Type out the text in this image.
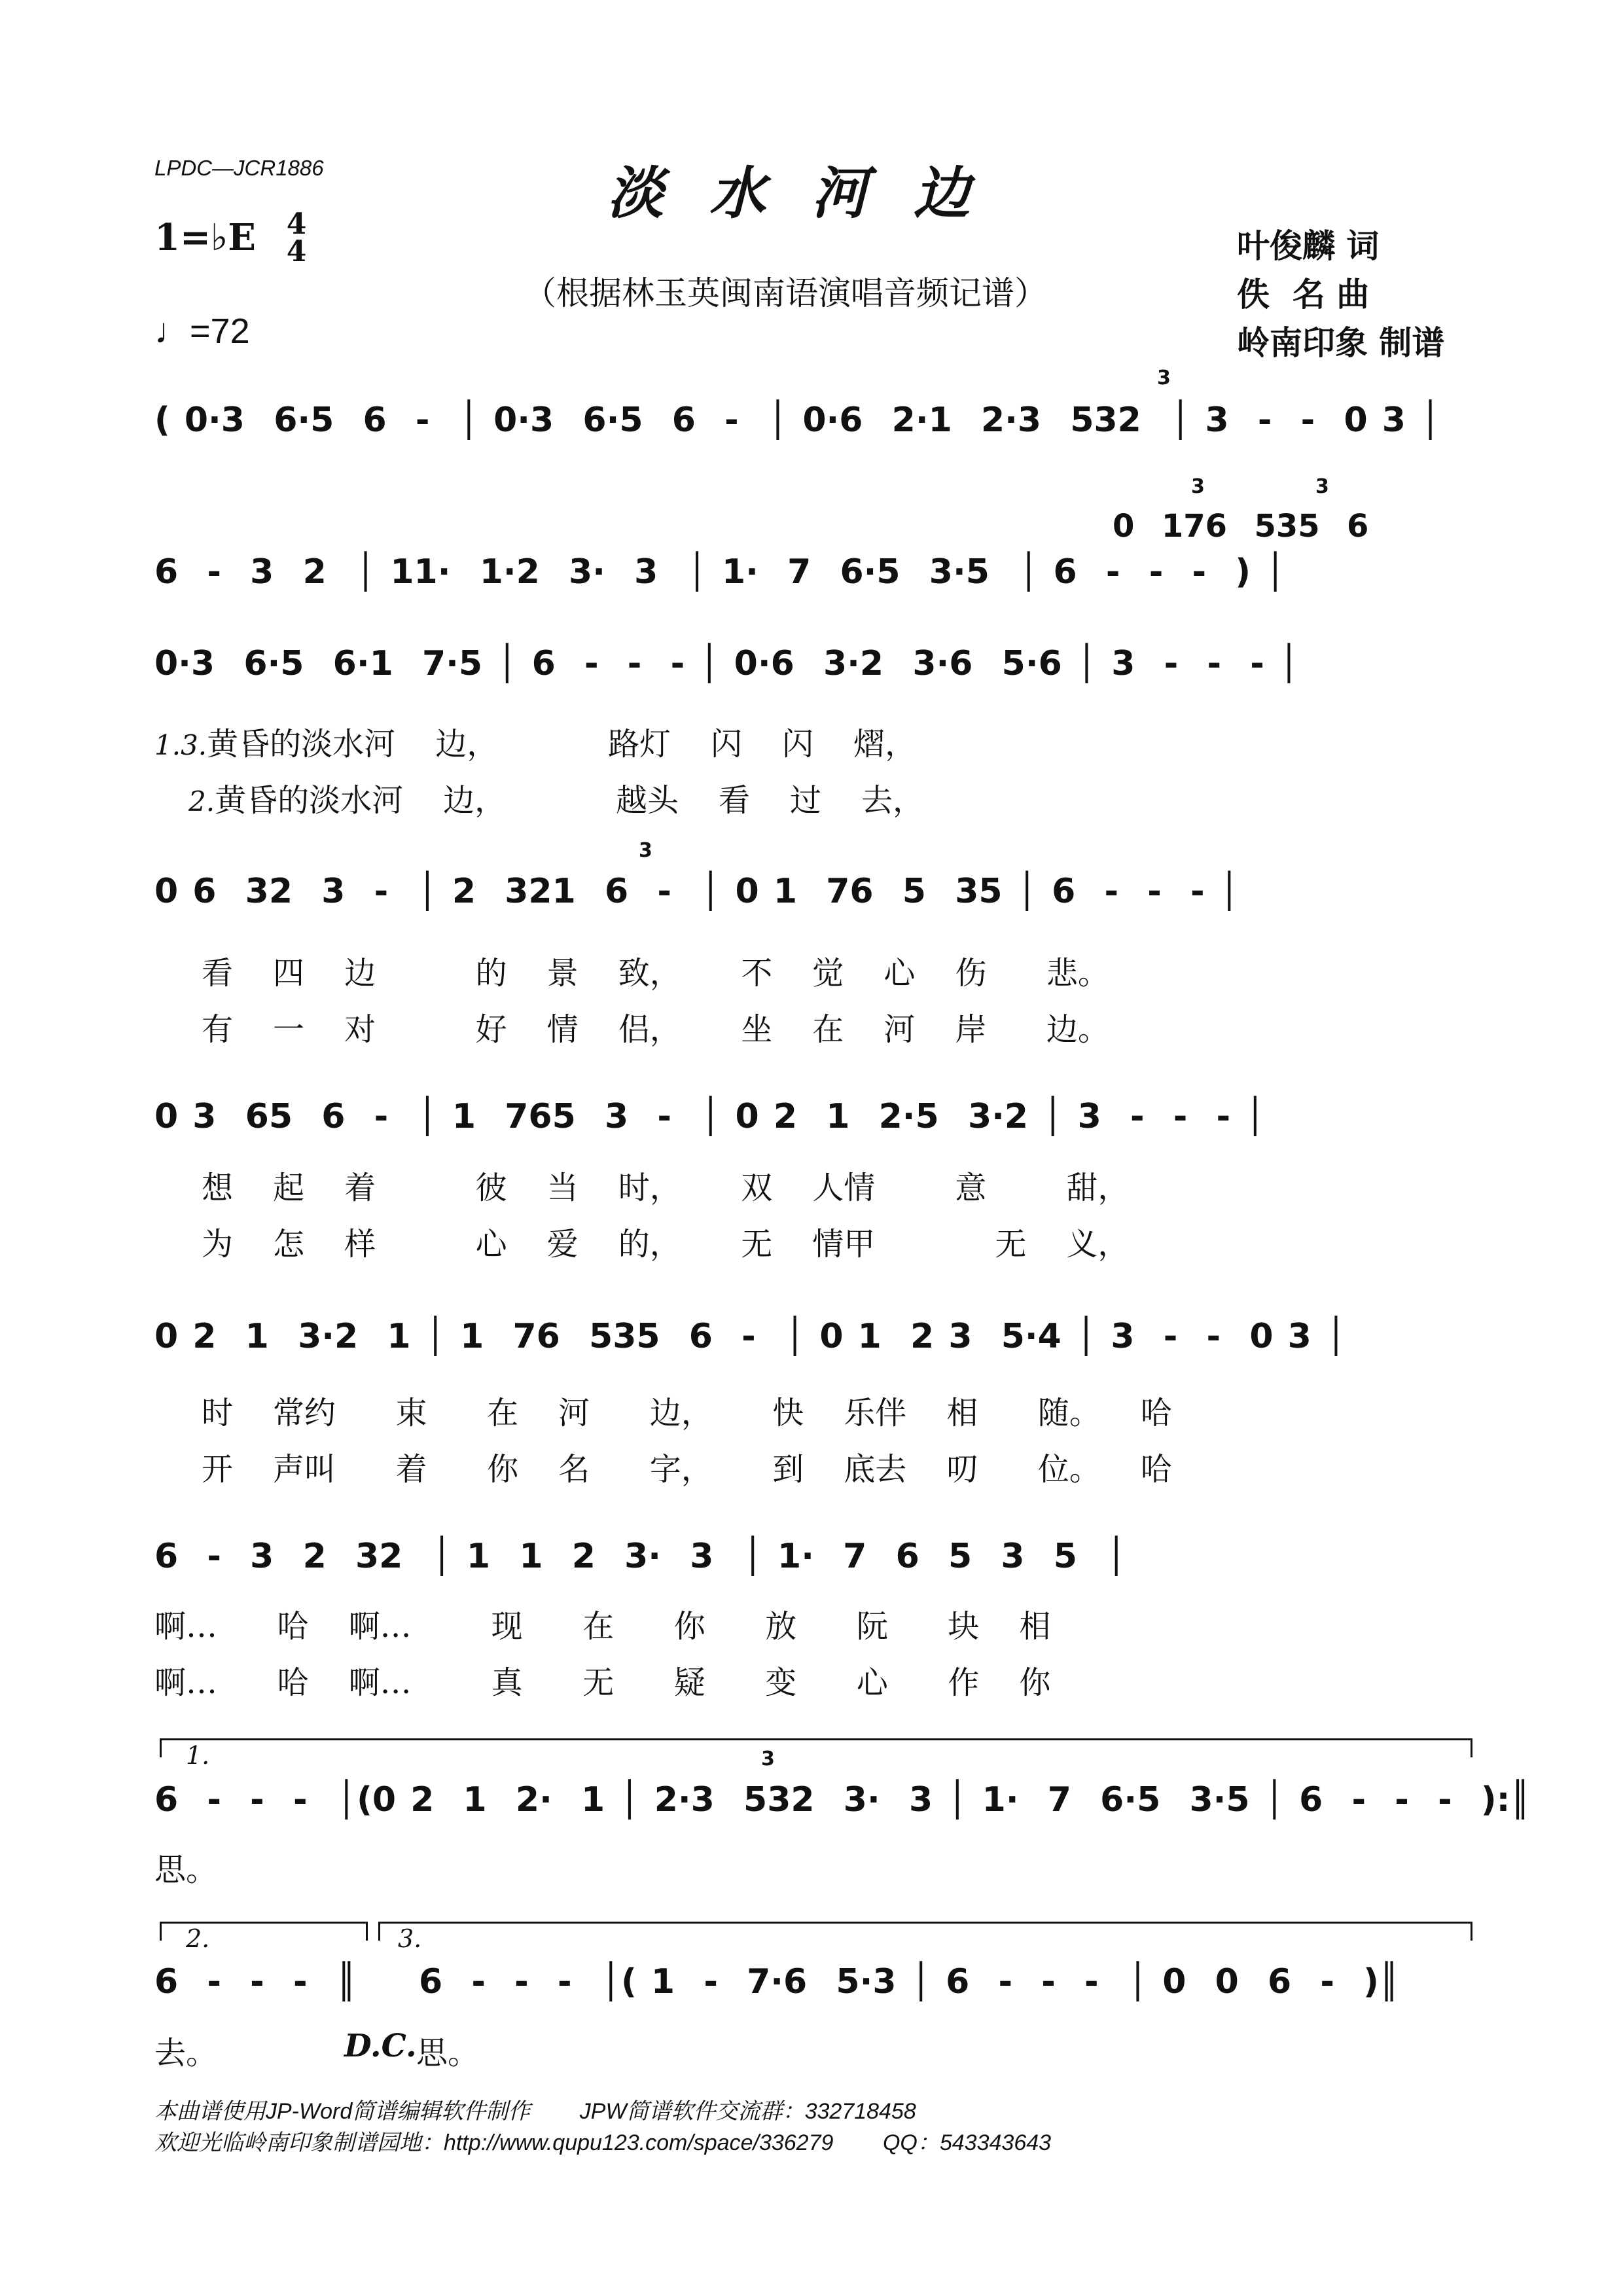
LPDC—JCR1886	淡水河边
1=♭E 4
4
（根据林玉英闽南语演唱音频记谱）
♩=72
叶俊麟 词
佚  名 曲
岭南印象 制谱
( 0·3  6·5  6  -  │ 0·3  6·5  6  -  │ 0·6  2·1  2·3  532  │ 3  -  -  0 3 │
3
0  176  535  6
3	3
6  -  3  2  │ 11·  1·2  3·  3  │ 1·  7  6·5  3·5  │ 6  -  -  -  ) │
0·3  6·5  6·1  7·5 │ 6  -  -  - │ 0·6  3·2  3·6  5·6 │ 3  -  -  - │
1.3.黄昏的淡水河    边，           路灯    闪    闪    熠，
2.黄昏的淡水河    边，           越头    看    过    去，
0 6  32  3  -  │ 2  321  6  -  │ 0 1  76  5  35 │ 6  -  -  - │
3
看    四    边          的    景    致，      不    觉    心    伤      悲。
有    一    对          好    情    侣，      坐    在    河    岸      边。
0 3  65  6  -  │ 1  765  3  -  │ 0 2  1  2·5  3·2 │ 3  -  -  - │
想    起    着          彼    当    时，      双    人情        意        甜，
为    怎    样          心    爱    的，      无    情甲            无    义，
0 2  1  3·2  1 │ 1  76  535  6  -  │ 0 1  2 3  5·4 │ 3  -  -  0 3 │
时    常约      束      在    河      边，      快    乐伴    相      随。    哈
开    声叫      着      你    名      字，      到    底去    叨      位。    哈
6  -  3  2  32  │ 1  1  2  3·  3  │ 1·  7  6  5  3  5  │
啊…      哈    啊…        现      在      你      放      阮      块    相
啊…      哈    啊…        真      无      疑      变      心      作    你
1.	3
6  -  -  -  │(0 2  1  2·  1 │ 2·3  532  3·  3 │ 1·  7  6·5  3·5 │ 6  -  -  -  ):║
思。
2.	3.
6  -  -  -  ║	6  -  -  -  │( 1  -  7·6  5·3 │ 6  -  -  -  │ 0  0  6  -  )║
去。	D.C. 思。
本曲谱使用JP-Word简谱编辑软件制作        JPW简谱软件交流群：332718458
欢迎光临岭南印象制谱园地：http://www.qupu123.com/space/336279        QQ：543343643
